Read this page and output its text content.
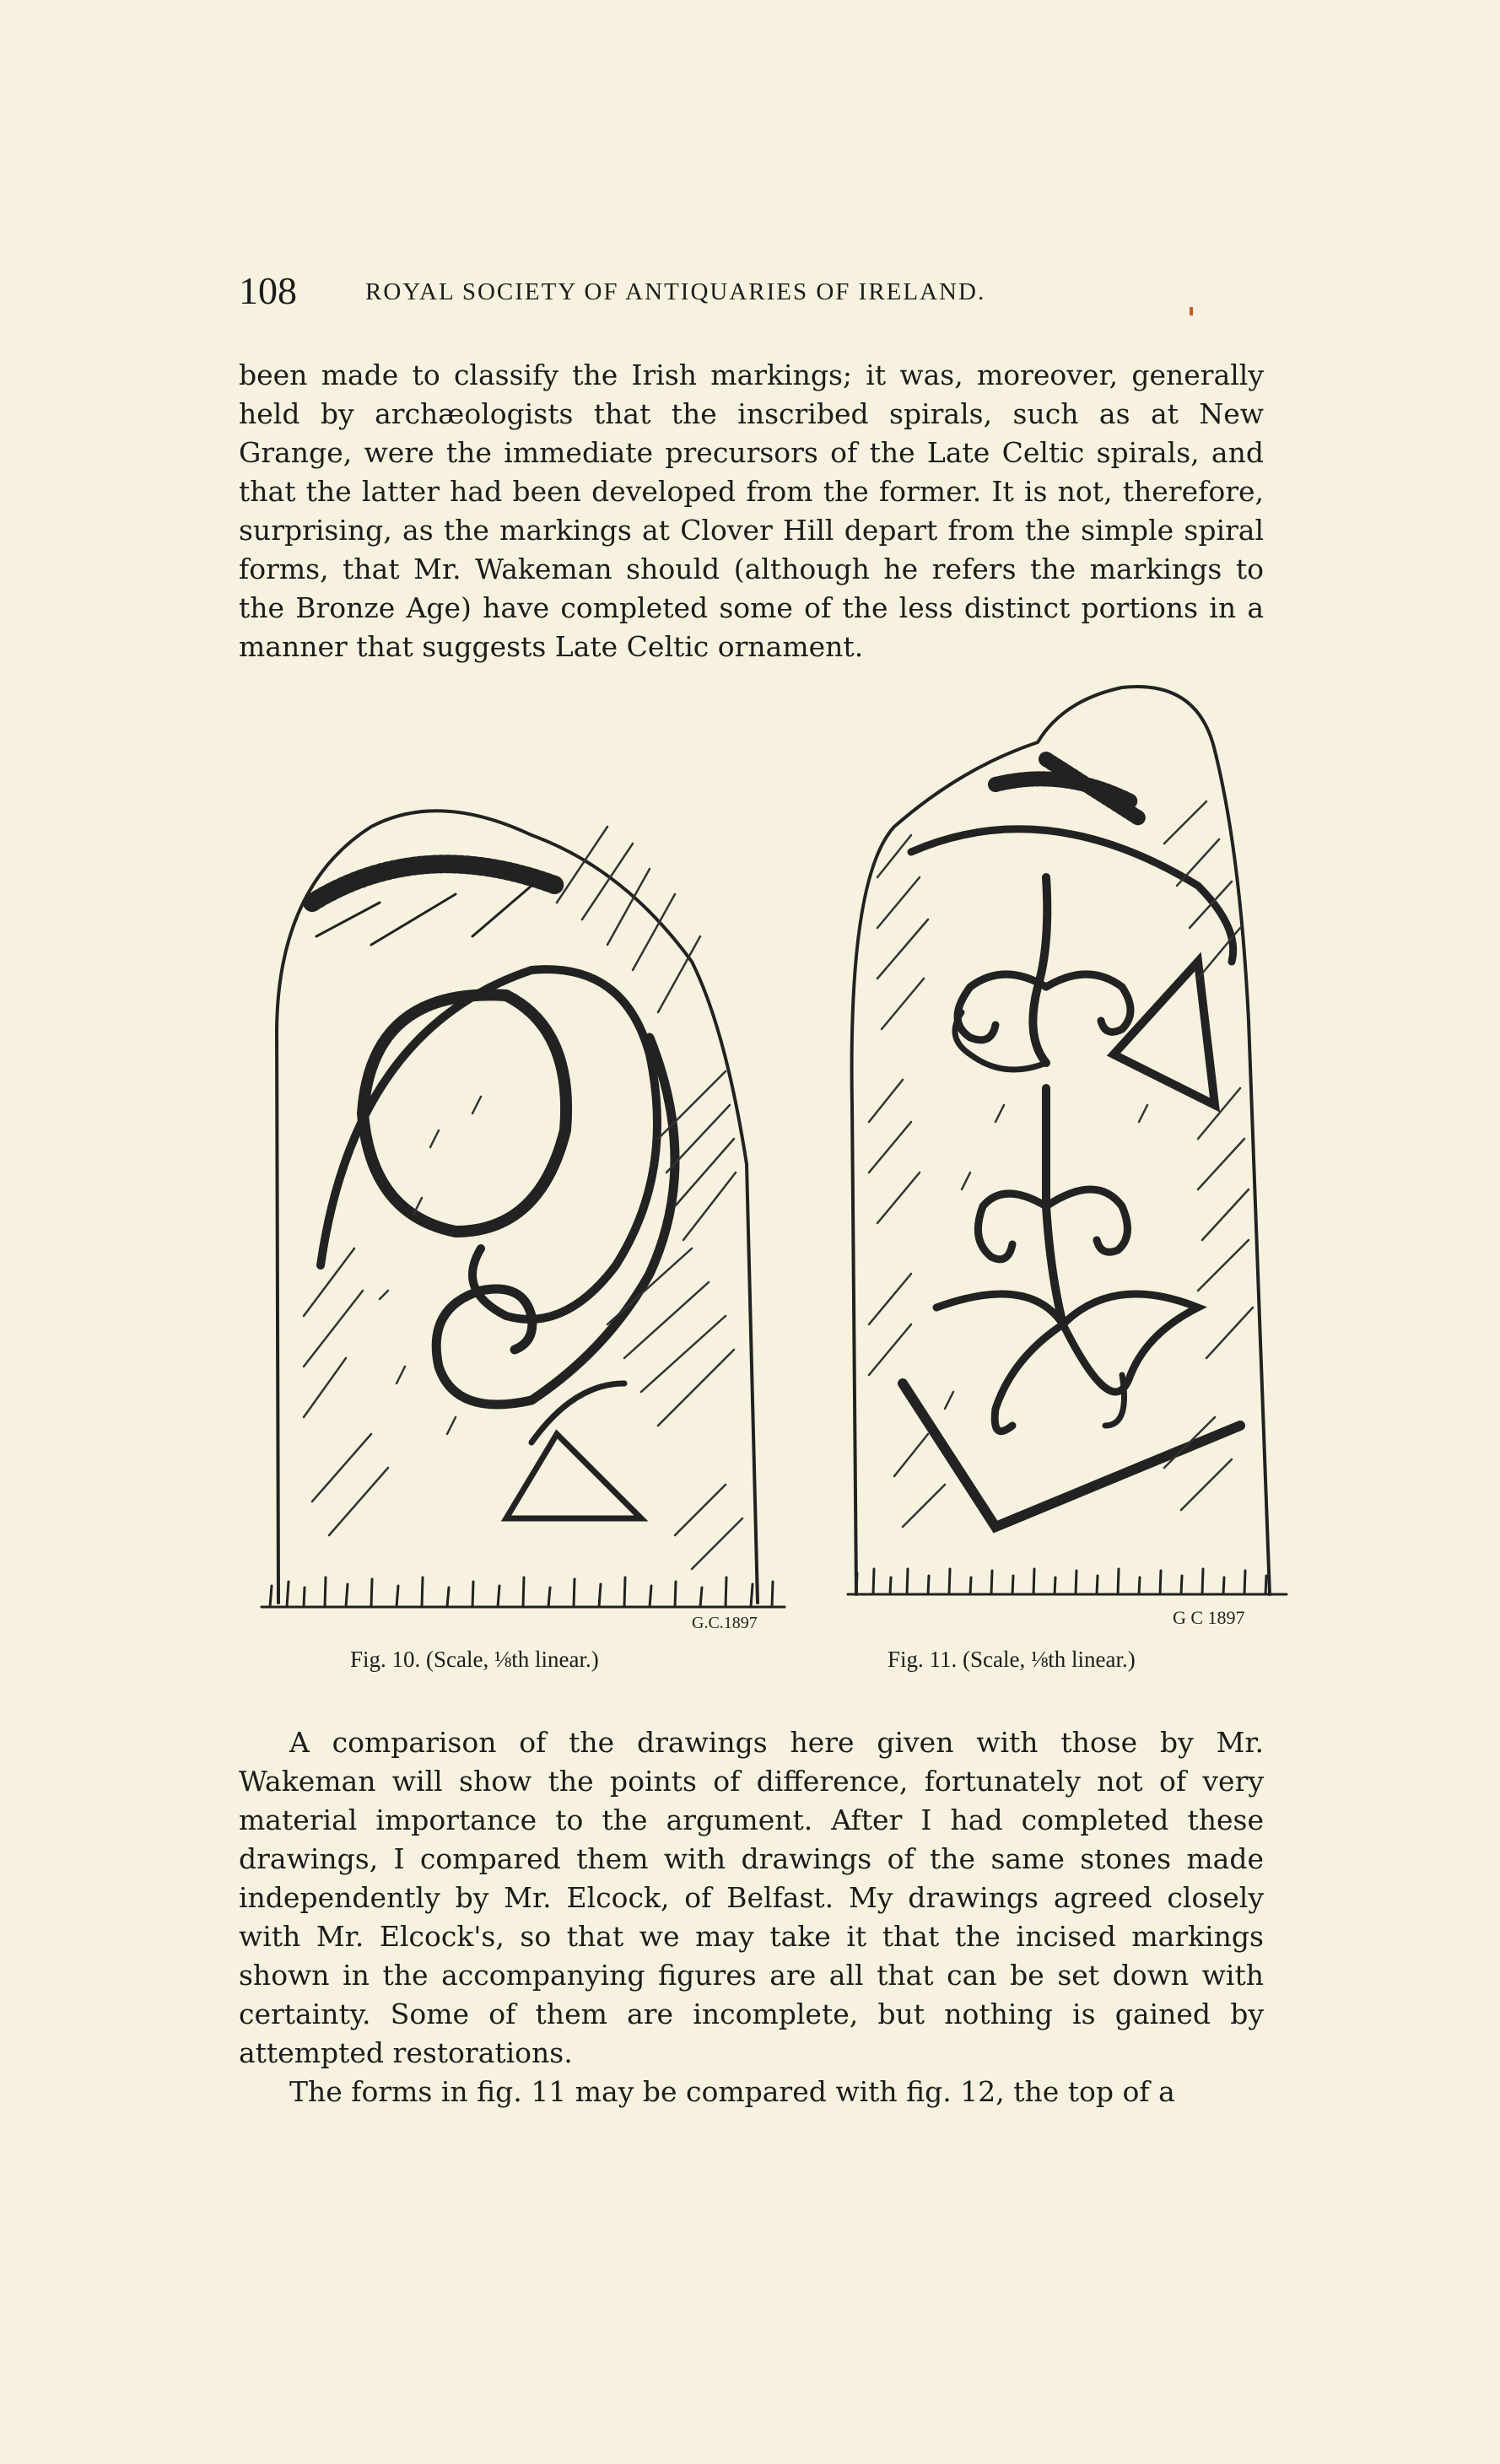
108	ROYAL SOCIETY OF ANTIQUARIES OF IRELAND.

been made to classify the Irish markings; it was, moreover, generally held by archæologists that the inscribed spirals, such as at New Grange, were the immediate precursors of the Late Celtic spirals, and that the latter had been developed from the former. It is not, therefore, surprising, as the markings at Clover Hill depart from the simple spiral forms, that Mr. Wakeman should (although he refers the markings to the Bronze Age) have completed some of the less distinct portions in a manner that suggests Late Celtic ornament.

G.C.1897
Fig. 10. (Scale, ⅛th linear.)
G C 1897
Fig. 11. (Scale, ⅛th linear.)

A comparison of the drawings here given with those by Mr. Wakeman will show the points of difference, fortunately not of very material importance to the argument. After I had completed these drawings, I compared them with drawings of the same stones made independently by Mr. Elcock, of Belfast. My drawings agreed closely with Mr. Elcock's, so that we may take it that the incised markings shown in the accompanying figures are all that can be set down with certainty. Some of them are incomplete, but nothing is gained by attempted restorations.

The forms in fig. 11 may be compared with fig. 12, the top of a
